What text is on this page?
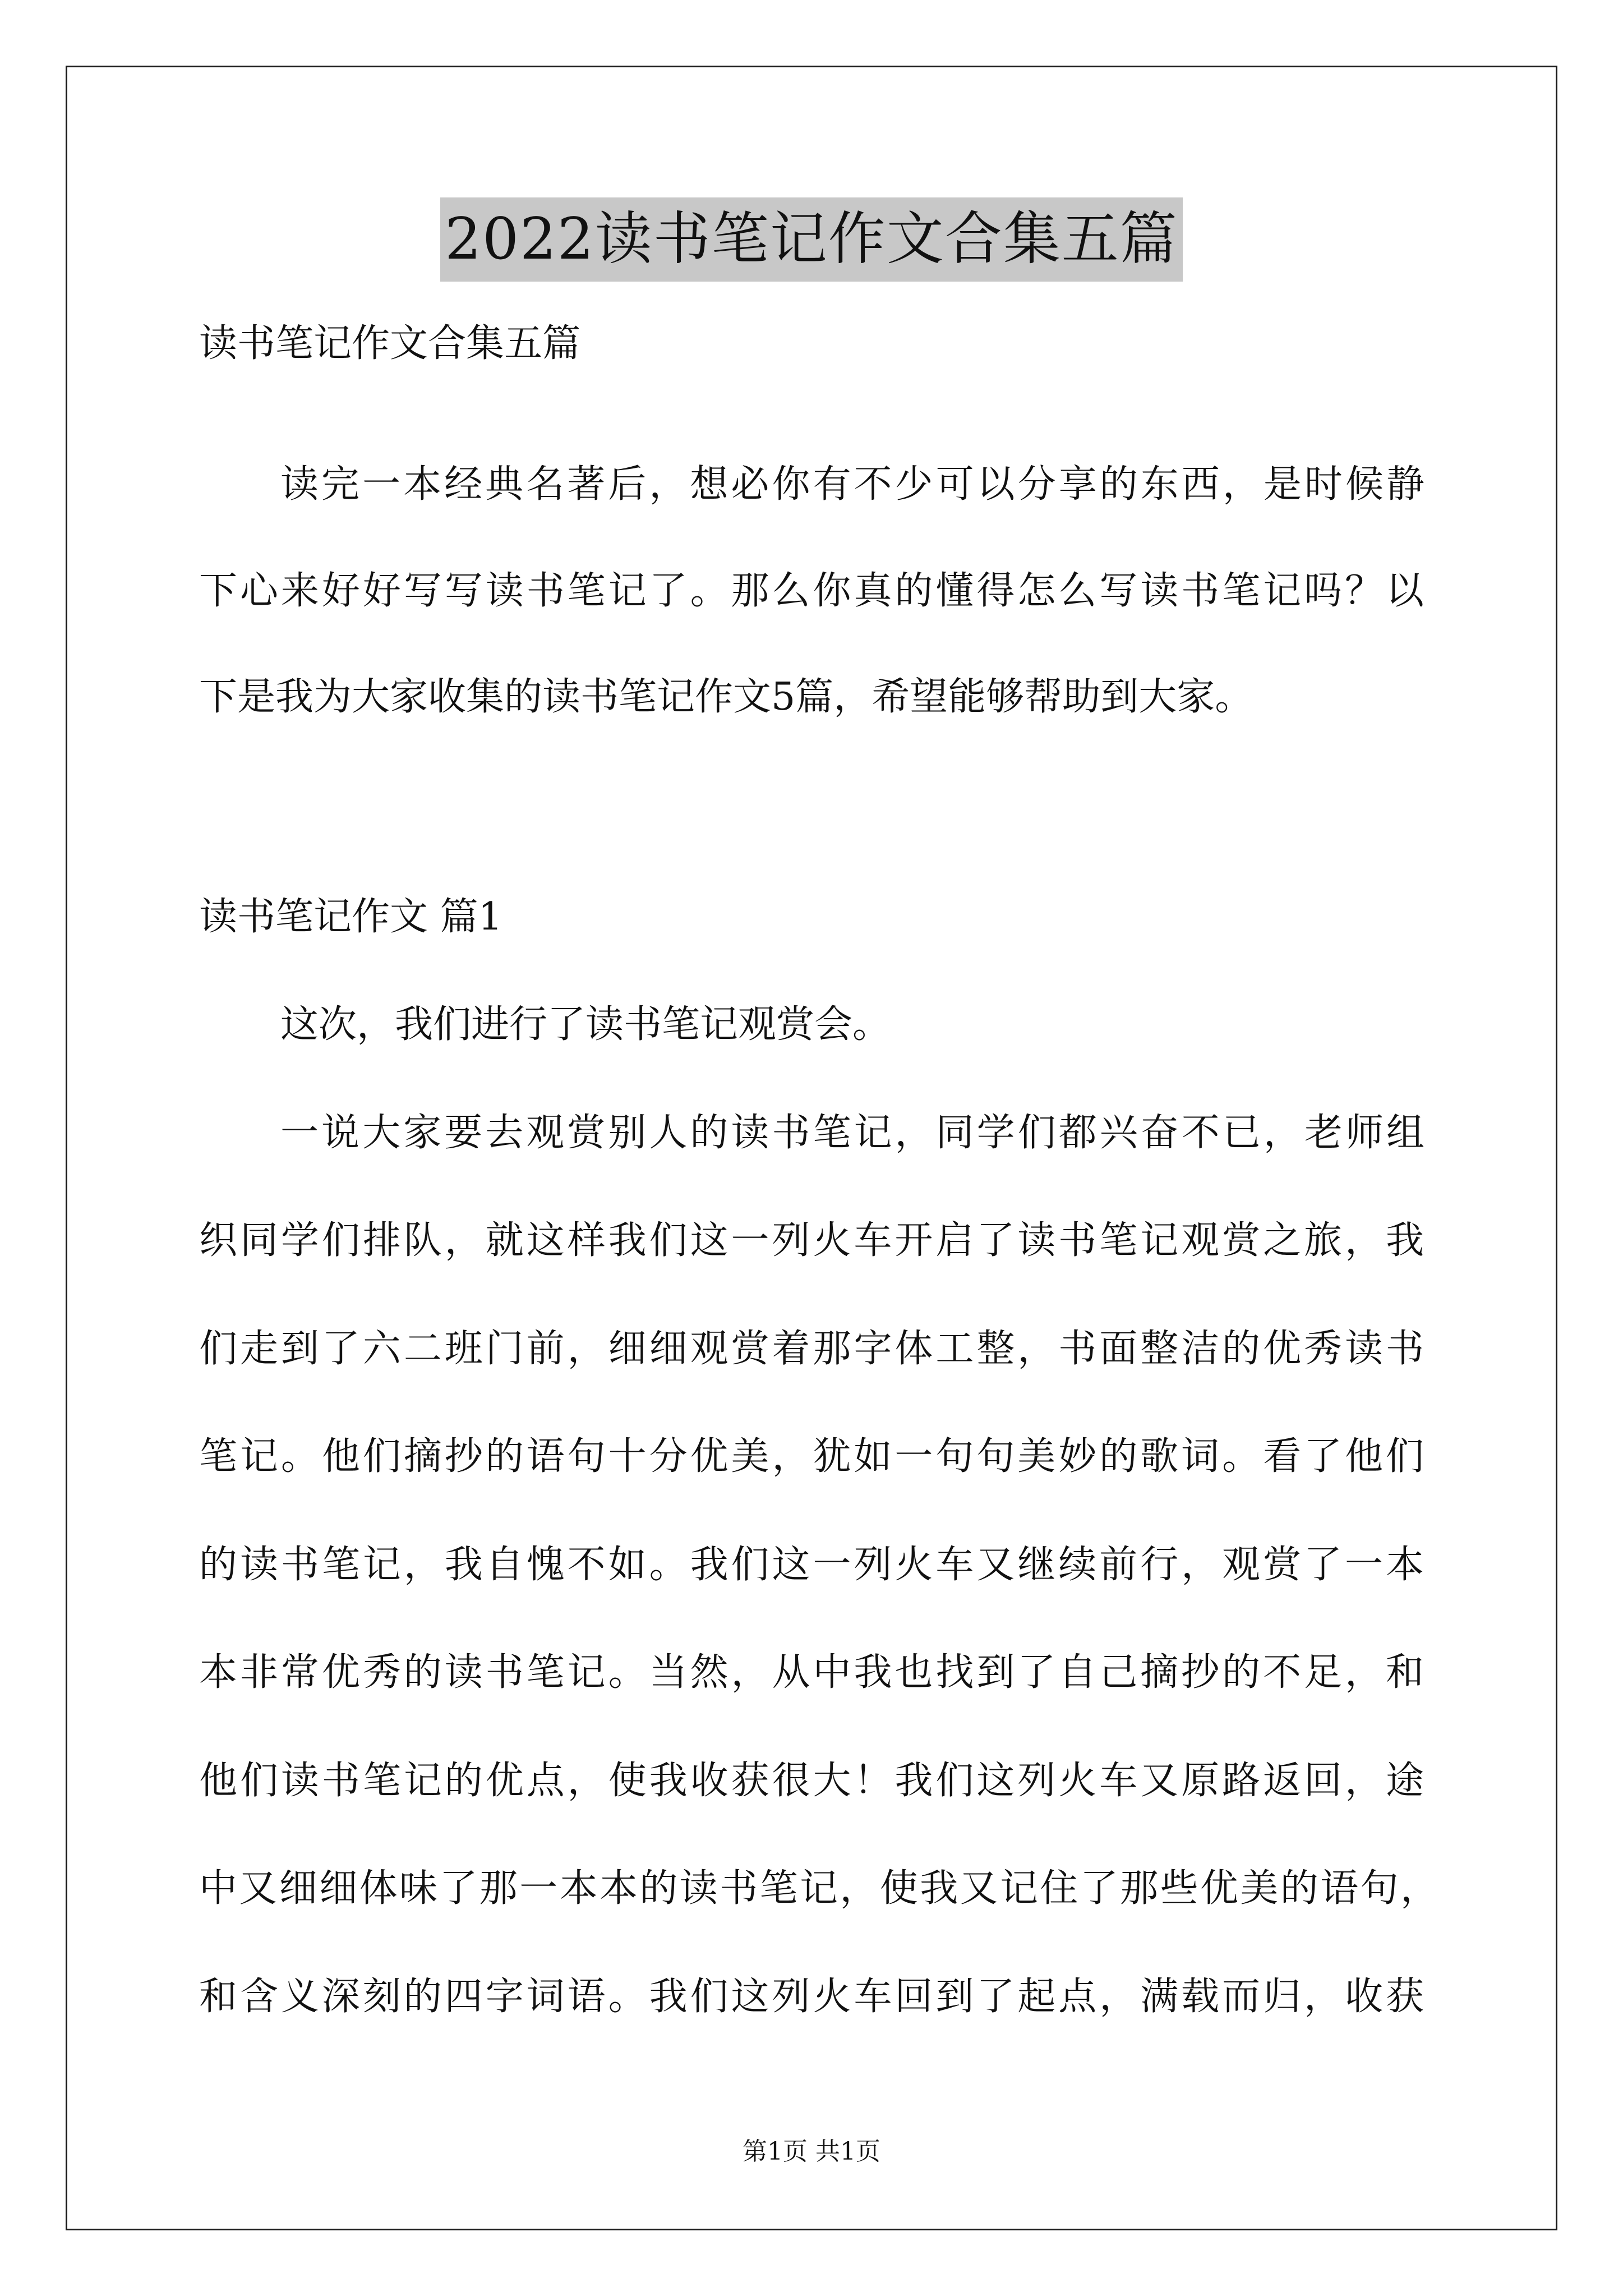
2022读书笔记作文合集五篇
读书笔记作文合集五篇
读完一本经典名著后，想必你有不少可以分享的东西，是时候静
下心来好好写写读书笔记了。那么你真的懂得怎么写读书笔记吗？以
下是我为大家收集的读书笔记作文5篇，希望能够帮助到大家。
读书笔记作文 篇1
这次，我们进行了读书笔记观赏会。
一说大家要去观赏别人的读书笔记，同学们都兴奋不已，老师组
织同学们排队，就这样我们这一列火车开启了读书笔记观赏之旅，我
们走到了六二班门前，细细观赏着那字体工整，书面整洁的优秀读书
笔记。他们摘抄的语句十分优美，犹如一句句美妙的歌词。看了他们
的读书笔记，我自愧不如。我们这一列火车又继续前行，观赏了一本
本非常优秀的读书笔记。当然，从中我也找到了自己摘抄的不足，和
他们读书笔记的优点，使我收获很大！我们这列火车又原路返回，途
中又细细体味了那一本本的读书笔记，使我又记住了那些优美的语句，
和含义深刻的四字词语。我们这列火车回到了起点，满载而归，收获
第1页 共1页
